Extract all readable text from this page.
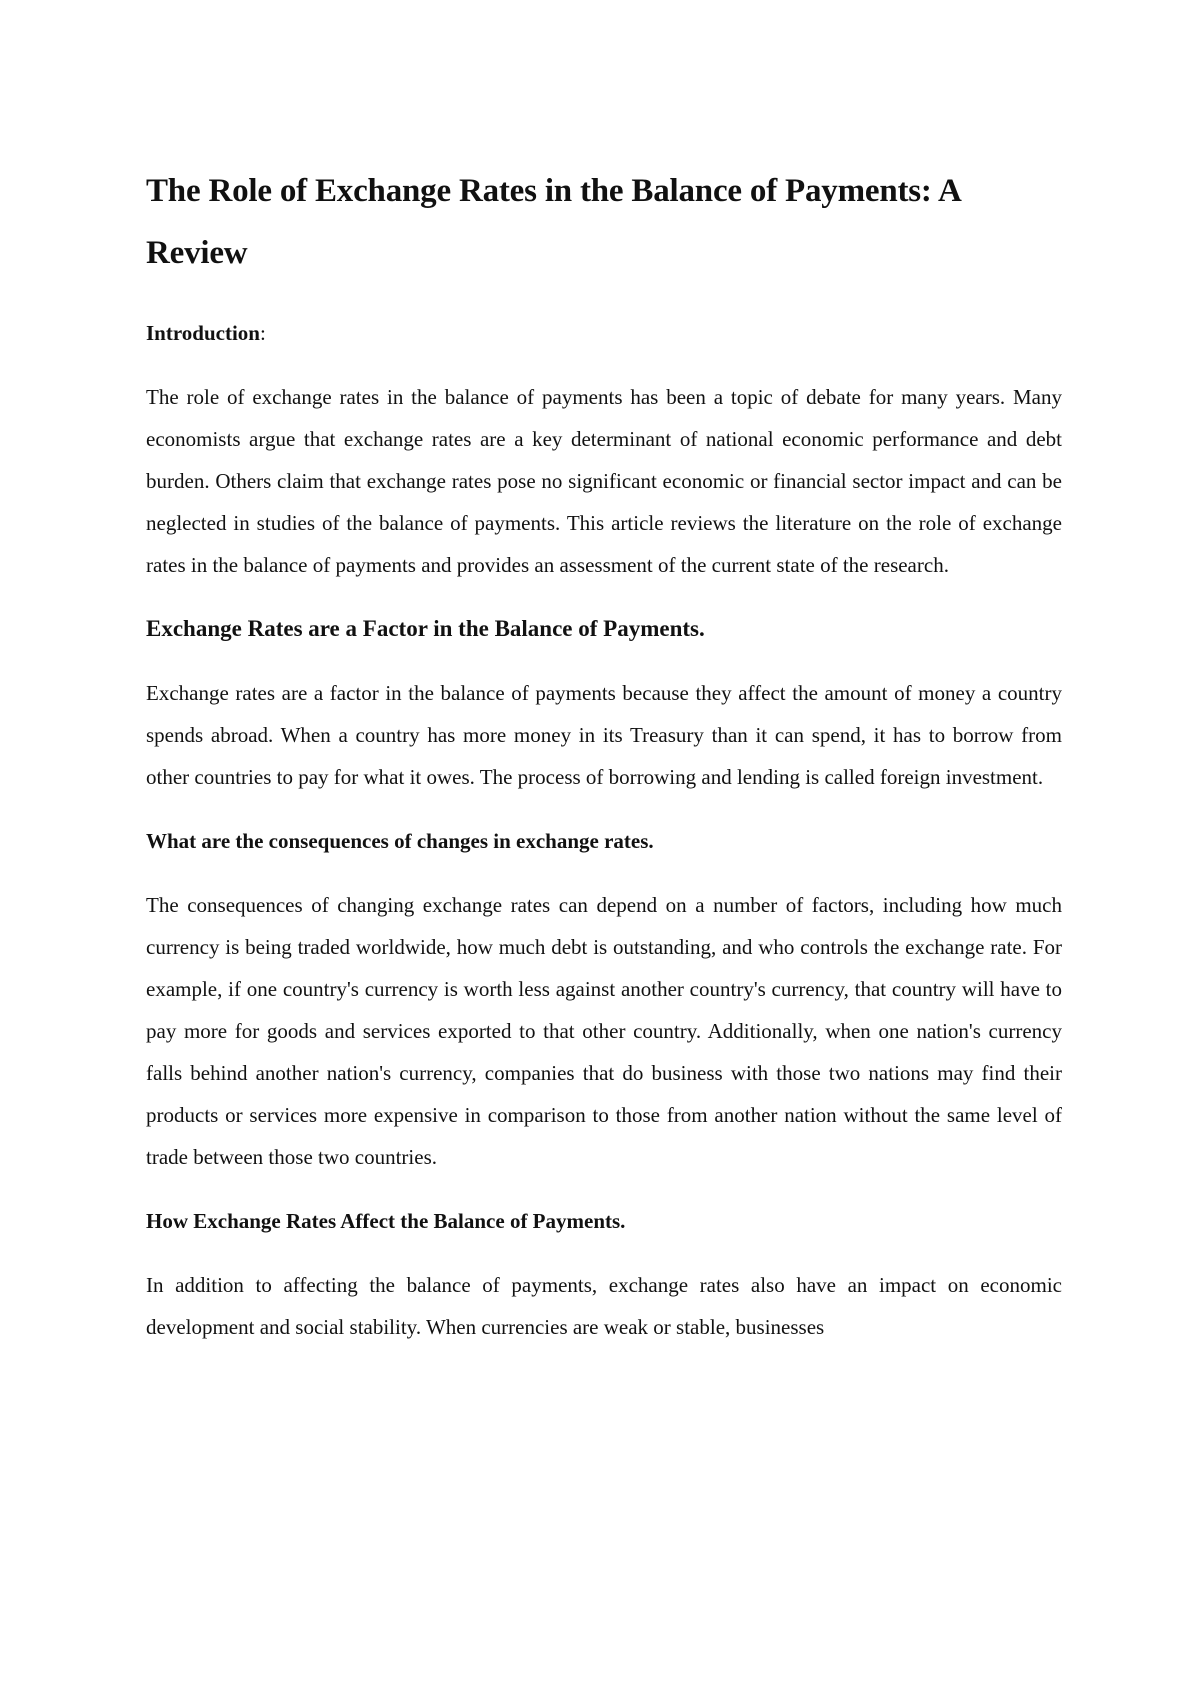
The Role of Exchange Rates in the Balance of Payments: A Review

Introduction:

The role of exchange rates in the balance of payments has been a topic of debate for many years. Many economists argue that exchange rates are a key determinant of national economic performance and debt burden. Others claim that exchange rates pose no significant economic or financial sector impact and can be neglected in studies of the balance of payments. This article reviews the literature on the role of exchange rates in the balance of payments and provides an assessment of the current state of the research.

Exchange Rates are a Factor in the Balance of Payments.

Exchange rates are a factor in the balance of payments because they affect the amount of money a country spends abroad. When a country has more money in its Treasury than it can spend, it has to borrow from other countries to pay for what it owes. The process of borrowing and lending is called foreign investment.

What are the consequences of changes in exchange rates.

The consequences of changing exchange rates can depend on a number of factors, including how much currency is being traded worldwide, how much debt is outstanding, and who controls the exchange rate. For example, if one country's currency is worth less against another country's currency, that country will have to pay more for goods and services exported to that other country. Additionally, when one nation's currency falls behind another nation's currency, companies that do business with those two nations may find their products or services more expensive in comparison to those from another nation without the same level of trade between those two countries.

How Exchange Rates Affect the Balance of Payments.

In addition to affecting the balance of payments, exchange rates also have an impact on economic development and social stability. When currencies are weak or stable, businesses
